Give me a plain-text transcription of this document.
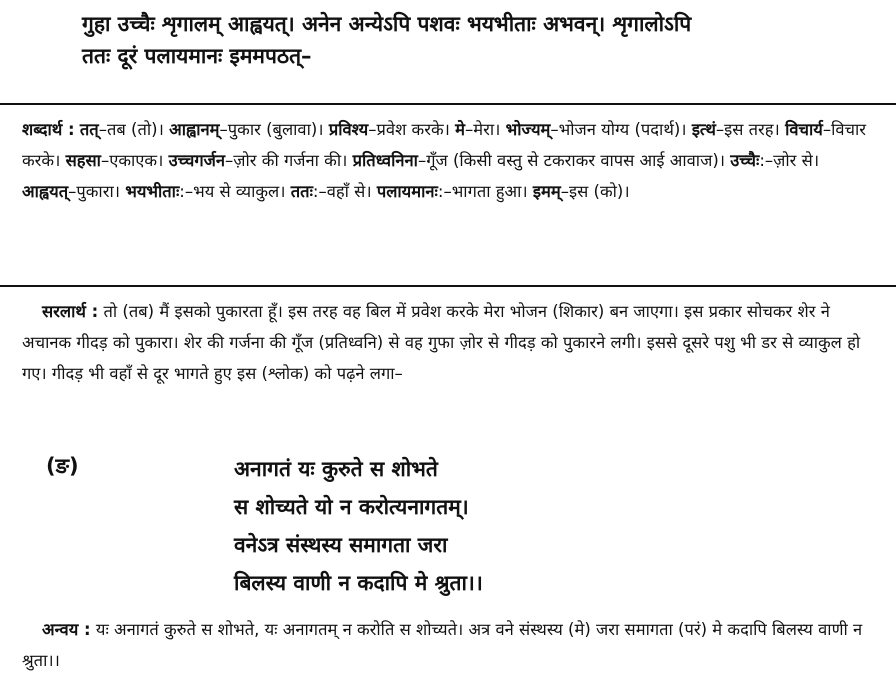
गुहा उच्चैः शृगालम् आह्वयत्। अनेन अन्येऽपि पशवः भयभीताः अभवन्। शृगालोऽपि
ततः दूरं पलायमानः इममपठत्–
शब्दार्थ : तत्–तब (तो)। आह्वानम्–पुकार (बुलावा)। प्रविश्य–प्रवेश करके। मे–मेरा। भोज्यम्–भोजन योग्य (पदार्थ)। इत्थं–इस तरह। विचार्य–विचार करके। सहसा–एकाएक। उच्चगर्जन–ज़ोर की गर्जना की। प्रतिध्वनिना–गूँज (किसी वस्तु से टकराकर वापस आई आवाज)। उच्चैः:–ज़ोर से। आह्वयत्–पुकारा। भयभीताः:–भय से व्याकुल। ततः:–वहाँ से। पलायमानः:–भागता हुआ। इमम्–इस (को)।
सरलार्थ : तो (तब) मैं इसको पुकारता हूँ। इस तरह वह बिल में प्रवेश करके मेरा भोजन (शिकार) बन जाएगा। इस प्रकार सोचकर शेर ने अचानक गीदड़ को पुकारा। शेर की गर्जना की गूँज (प्रतिध्वनि) से वह गुफा ज़ोर से गीदड़ को पुकारने लगी। इससे दूसरे पशु भी डर से व्याकुल हो गए। गीदड़ भी वहाँ से दूर भागते हुए इस (श्लोक) को पढ़ने लगा–
(ङ)	अनागतं यः कुरुते स शोभते
स शोच्यते यो न करोत्यनागतम्।
वनेऽत्र संस्थस्य समागता जरा
बिलस्य वाणी न कदापि मे श्रुता।।
अन्वय : यः अनागतं कुरुते स शोभते, यः अनागतम् न करोति स शोच्यते। अत्र वने संस्थस्य (मे) जरा समागता (परं) मे कदापि बिलस्य वाणी न श्रुता।।
